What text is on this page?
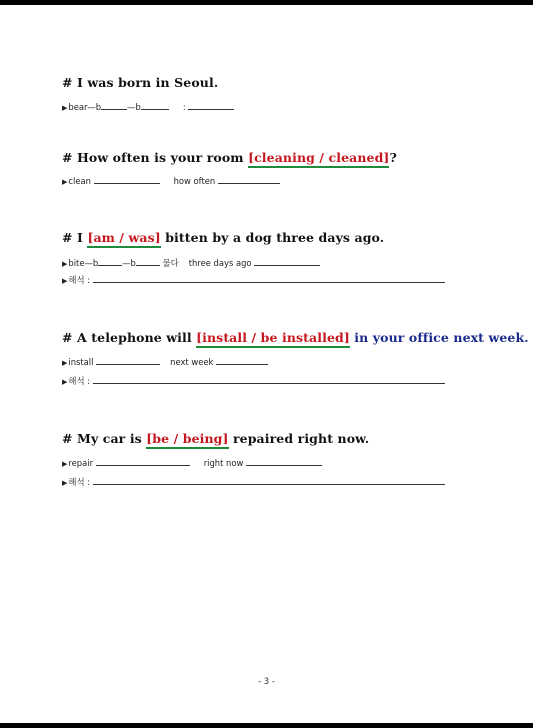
# I was born in Seoul.
▶bear—b	—b	:
# How often is your room [cleaning / cleaned]?
▶clean	how often
# I [am / was] bitten by a dog three days ago.
▶bite—b	—b	물다 three days ago
▶해석 :
# A telephone will [install / be installed] in your office next week.
▶install	next week
▶해석 :
# My car is [be / being] repaired right now.
▶repair	right now
▶해석 :
- 3 -
